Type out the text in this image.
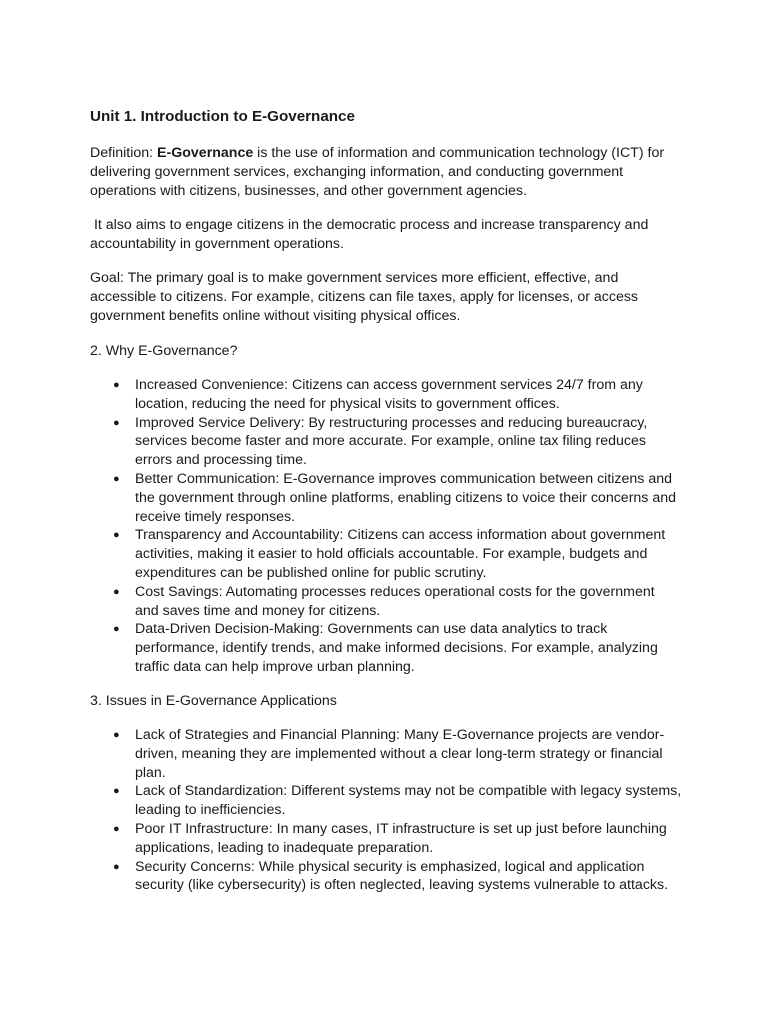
Unit 1. Introduction to E-Governance

Definition: E-Governance is the use of information and communication technology (ICT) for delivering government services, exchanging information, and conducting government operations with citizens, businesses, and other government agencies.

It also aims to engage citizens in the democratic process and increase transparency and accountability in government operations.

Goal: The primary goal is to make government services more efficient, effective, and accessible to citizens. For example, citizens can file taxes, apply for licenses, or access government benefits online without visiting physical offices.

2. Why E-Governance?

● Increased Convenience: Citizens can access government services 24/7 from any location, reducing the need for physical visits to government offices.
● Improved Service Delivery: By restructuring processes and reducing bureaucracy, services become faster and more accurate. For example, online tax filing reduces errors and processing time.
● Better Communication: E-Governance improves communication between citizens and the government through online platforms, enabling citizens to voice their concerns and receive timely responses.
● Transparency and Accountability: Citizens can access information about government activities, making it easier to hold officials accountable. For example, budgets and expenditures can be published online for public scrutiny.
● Cost Savings: Automating processes reduces operational costs for the government and saves time and money for citizens.
● Data-Driven Decision-Making: Governments can use data analytics to track performance, identify trends, and make informed decisions. For example, analyzing traffic data can help improve urban planning.

3. Issues in E-Governance Applications

● Lack of Strategies and Financial Planning: Many E-Governance projects are vendor-driven, meaning they are implemented without a clear long-term strategy or financial plan.
● Lack of Standardization: Different systems may not be compatible with legacy systems, leading to inefficiencies.
● Poor IT Infrastructure: In many cases, IT infrastructure is set up just before launching applications, leading to inadequate preparation.
● Security Concerns: While physical security is emphasized, logical and application security (like cybersecurity) is often neglected, leaving systems vulnerable to attacks.
